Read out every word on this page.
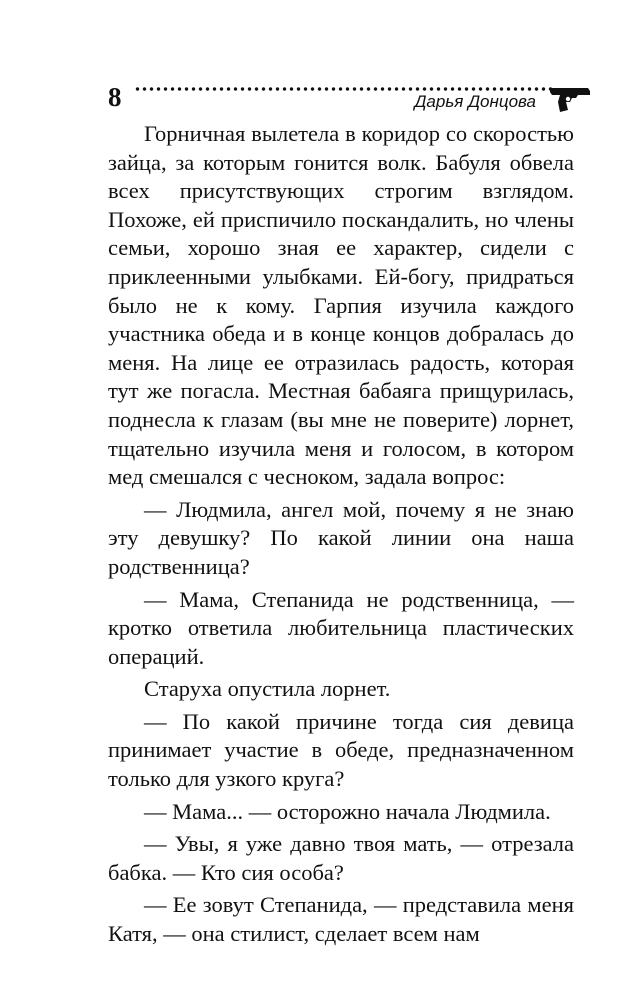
8	Дарья Донцова

Горничная вылетела в коридор со скоростью зайца, за которым гонится волк. Бабуля обвела всех присутствующих строгим взглядом. Похоже, ей приспичило поскандалить, но члены семьи, хорошо зная ее характер, сидели с приклеенными улыбками. Ей-богу, придраться было не к кому. Гарпия изучила каждого участника обеда и в конце концов добралась до меня. На лице ее отразилась радость, которая тут же погасла. Местная бабаяга прищурилась, поднесла к глазам (вы мне не поверите) лорнет, тщательно изучила меня и голосом, в котором мед смешался с чесноком, задала вопрос:

— Людмила, ангел мой, почему я не знаю эту девушку? По какой линии она наша родственница?

— Мама, Степанида не родственница, — кротко ответила любительница пластических операций.

Старуха опустила лорнет.

— По какой причине тогда сия девица принимает участие в обеде, предназначенном только для узкого круга?

— Мама... — осторожно начала Людмила.

— Увы, я уже давно твоя мать, — отрезала бабка. — Кто сия особа?

— Ее зовут Степанида, — представила меня Катя, — она стилист, сделает всем нам
